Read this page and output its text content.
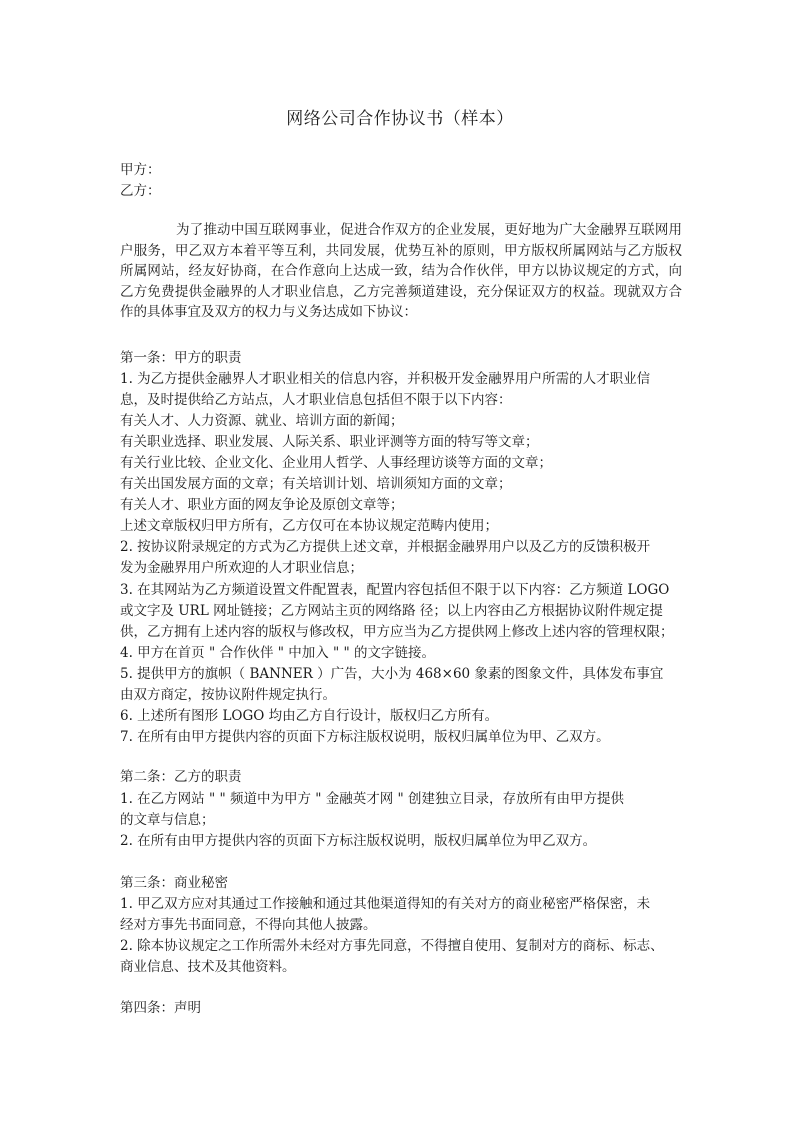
网络公司合作协议书（样本）
甲方：
乙方：
为了推动中国互联网事业，促进合作双方的企业发展，更好地为广大金融界互联网用户服务，甲乙双方本着平等互利，共同发展，优势互补的原则，甲方版权所属网站与乙方版权所属网站，经友好协商，在合作意向上达成一致，结为合作伙伴，甲方以协议规定的方式，向乙方免费提供金融界的人才职业信息，乙方完善频道建设，充分保证双方的权益。现就双方合作的具体事宜及双方的权力与义务达成如下协议：
第一条：甲方的职责
1. 为乙方提供金融界人才职业相关的信息内容，并积极开发金融界用户所需的人才职业信
息，及时提供给乙方站点，人才职业信息包括但不限于以下内容：
有关人才、人力资源、就业、培训方面的新闻；
有关职业选择、职业发展、人际关系、职业评测等方面的特写等文章；
有关行业比较、企业文化、企业用人哲学、人事经理访谈等方面的文章；
有关出国发展方面的文章；有关培训计划、培训须知方面的文章；
有关人才、职业方面的网友争论及原创文章等；
上述文章版权归甲方所有，乙方仅可在本协议规定范畴内使用；
2. 按协议附录规定的方式为乙方提供上述文章，并根据金融界用户以及乙方的反馈积极开
发为金融界用户所欢迎的人才职业信息；
3. 在其网站为乙方频道设置文件配置表，配置内容包括但不限于以下内容：乙方频道 LOGO
或文字及 URL 网址链接；乙方网站主页的网络路 径；以上内容由乙方根据协议附件规定提
供，乙方拥有上述内容的版权与修改权，甲方应当为乙方提供网上修改上述内容的管理权限；
4. 甲方在首页 " 合作伙伴 " 中加入 " " 的文字链接。
5. 提供甲方的旗帜（ BANNER ）广告，大小为 468×60 象素的图象文件，具体发布事宜
由双方商定，按协议附件规定执行。
6. 上述所有图形 LOGO 均由乙方自行设计，版权归乙方所有。
7. 在所有由甲方提供内容的页面下方标注版权说明，版权归属单位为甲、乙双方。
第二条：乙方的职责
1. 在乙方网站 " " 频道中为甲方 " 金融英才网 " 创建独立目录，存放所有由甲方提供
的文章与信息；
2. 在所有由甲方提供内容的页面下方标注版权说明，版权归属单位为甲乙双方。
第三条：商业秘密
1. 甲乙双方应对其通过工作接触和通过其他渠道得知的有关对方的商业秘密严格保密，未
经对方事先书面同意，不得向其他人披露。
2. 除本协议规定之工作所需外未经对方事先同意，不得擅自使用、复制对方的商标、标志、
商业信息、技术及其他资料。
第四条：声明
